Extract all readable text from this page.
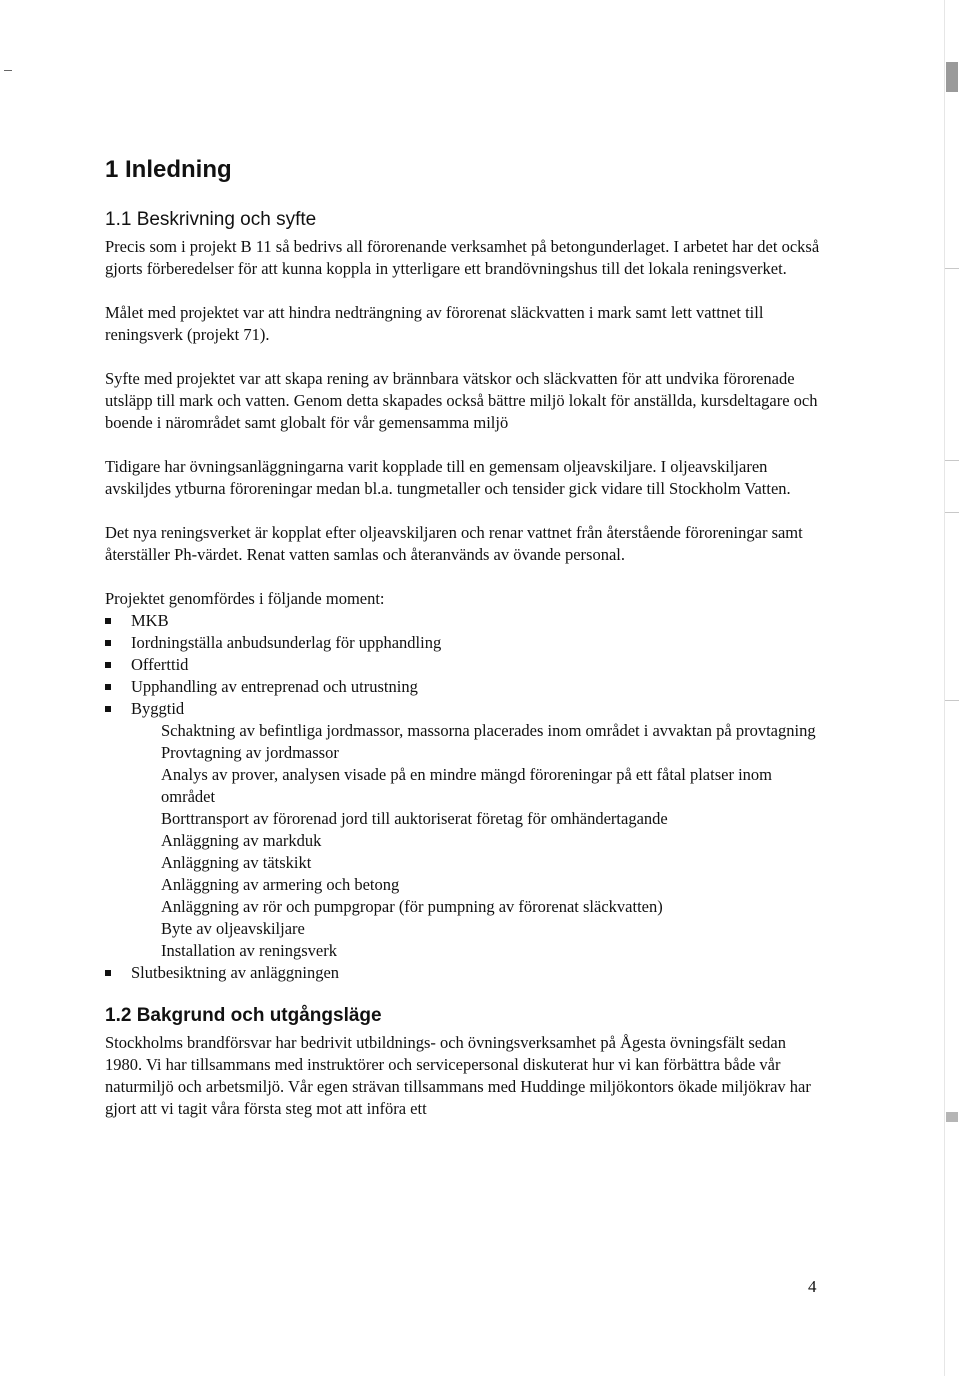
1 Inledning
1.1 Beskrivning och syfte

Precis som i projekt B 11 så bedrivs all förorenande verksamhet på betongunderlaget. I arbetet har det också gjorts förberedelser för att kunna koppla in ytterligare ett brandövningshus till det lokala reningsverket.

Målet med projektet var att hindra nedträngning av förorenat släckvatten i mark samt lett vattnet till reningsverk (projekt 71).

Syfte med projektet var att skapa rening av brännbara vätskor och släckvatten för att undvika förorenade utsläpp till mark och vatten. Genom detta skapades också bättre miljö lokalt för anställda, kursdeltagare och boende i närområdet samt globalt för vår gemensamma miljö

Tidigare har övningsanläggningarna varit kopplade till en gemensam oljeavskiljare. I oljeavskiljaren avskiljdes ytburna föroreningar medan bl.a. tungmetaller och tensider gick vidare till Stockholm Vatten.

Det nya reningsverket är kopplat efter oljeavskiljaren och renar vattnet från återstående föroreningar samt återställer Ph-värdet. Renat vatten samlas och återanvänds av övande personal.

Projektet genomfördes i följande moment:

MKB
Iordningställa anbudsunderlag för upphandling
Offerttid
Upphandling av entreprenad och utrustning
Byggtid
Schaktning av befintliga jordmassor, massorna placerades inom området i avvaktan på provtagning
Provtagning av jordmassor
Analys av prover, analysen visade på en mindre mängd föroreningar på ett fåtal platser inom området
Borttransport av förorenad jord till auktoriserat företag för omhändertagande
Anläggning av markduk
Anläggning av tätskikt
Anläggning av armering och betong
Anläggning av rör och pumpgropar (för pumpning av förorenat släckvatten)
Byte av oljeavskiljare
Installation av reningsverk
Slutbesiktning av anläggningen
1.2 Bakgrund och utgångsläge

Stockholms brandförsvar har bedrivit utbildnings- och övningsverksamhet på Ågesta övningsfält sedan 1980. Vi har tillsammans med instruktörer och servicepersonal diskuterat hur vi kan förbättra både vår naturmiljö och arbetsmiljö. Vår egen strävan tillsammans med Huddinge miljökontors ökade miljökrav har gjort att vi tagit våra första steg mot att införa ett

4
